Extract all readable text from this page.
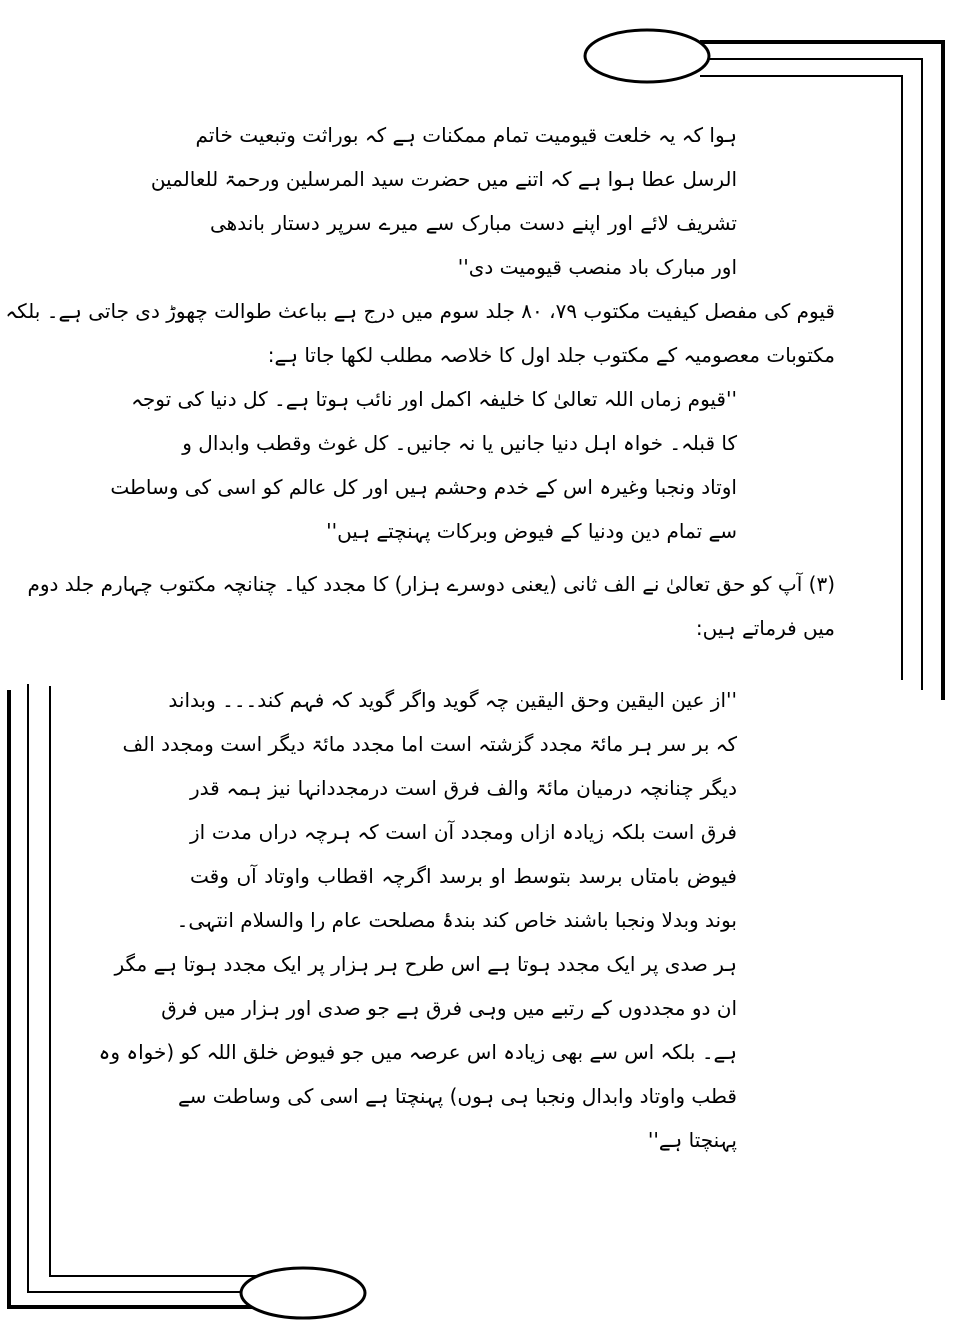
ہوا کہ یہ خلعت قیومیت تمام ممکنات ہے کہ بوراثت وتبعیت خاتم
الرسل عطا ہوا ہے کہ اتنے میں حضرت سید المرسلین ورحمۃ للعالمین
تشریف لائے اور اپنے دست مبارک سے میرے سرپر دستار باندھی
اور مبارک باد منصب قیومیت دی''
قیوم کی مفصل کیفیت مکتوب ۷۹، ۸۰ جلد سوم میں درج ہے بباعث طوالت چھوڑ دی جاتی ہے۔ بلکہ
مکتوبات معصومیہ کے مکتوب جلد اول کا خلاصہ مطلب لکھا جاتا ہے:
''قیوم زماں اللہ تعالیٰ کا خلیفہ اکمل اور نائب ہوتا ہے۔ کل دنیا کی توجہ
کا قبلہ۔ خواہ اہل دنیا جانیں یا نہ جانیں۔ کل غوث وقطب وابدال و
اوتاد ونجبا وغیرہ اس کے خدم وحشم ہیں اور کل عالم کو اسی کی وساطت
سے تمام دین ودنیا کے فیوض وبرکات پہنچتے ہیں''
(۳) آپ کو حق تعالیٰ نے الف ثانی (یعنی دوسرے ہزار) کا مجدد کیا۔ چنانچہ مکتوب چہارم جلد دوم
میں فرماتے ہیں:
''از عین الیقین وحق الیقین چہ گوید واگر گوید کہ فہم کند۔۔۔ وبداند
کہ بر سر ہر مائۃ مجدد گزشتہ است اما مجدد مائۃ دیگر است ومجدد الف
دیگر چنانچہ درمیان مائۃ والف فرق است درمجددانہا نیز ہمہ قدر
فرق است بلکہ زیادہ ازاں ومجدد آن است کہ ہرچہ دراں مدت از
فیوض بامتاں برسد بتوسط او برسد اگرچہ اقطاب واوتاد آں وقت
بوند وبدلا ونجبا باشند خاص کند بندۂ مصلحت عام را والسلام انتہی۔
ہر صدی پر ایک مجدد ہوتا ہے اس طرح ہر ہزار پر ایک مجدد ہوتا ہے مگر
ان دو مجددوں کے رتبے میں وہی فرق ہے جو صدی اور ہزار میں فرق
ہے۔ بلکہ اس سے بھی زیادہ اس عرصہ میں جو فیوض خلق اللہ کو (خواہ وہ
قطب واوتاد وابدال ونجبا ہی ہوں) پہنچتا ہے اسی کی وساطت سے
پہنچتا ہے''
